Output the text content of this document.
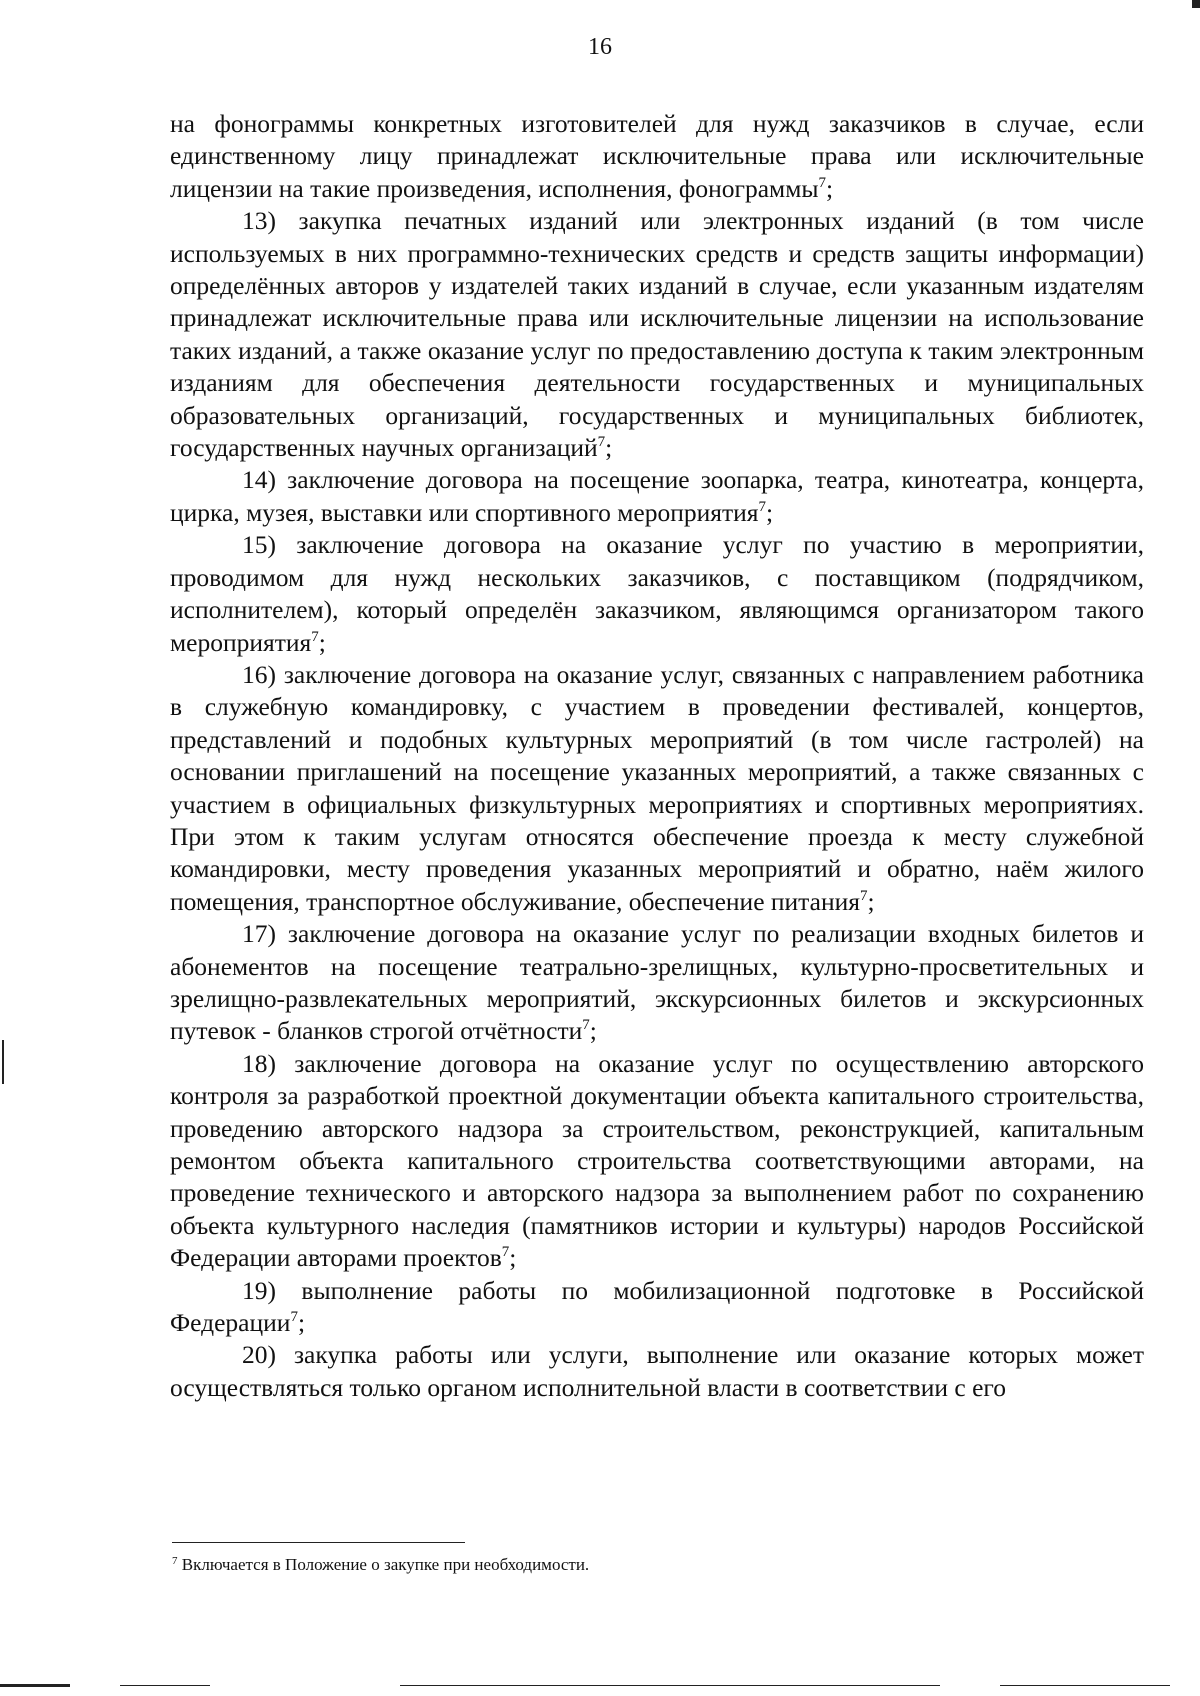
16

на фонограммы конкретных изготовителей для нужд заказчиков в случае, если единственному лицу принадлежат исключительные права или исключительные лицензии на такие произведения, исполнения, фонограммы$^7$;

13) закупка печатных изданий или электронных изданий (в том числе используемых в них программно-технических средств и средств защиты информации) определённых авторов у издателей таких изданий в случае, если указанным издателям принадлежат исключительные права или исключительные лицензии на использование таких изданий, а также оказание услуг по предоставлению доступа к таким электронным изданиям для обеспечения деятельности государственных и муниципальных образовательных организаций, государственных и муниципальных библиотек, государственных научных организаций$^7$;

14) заключение договора на посещение зоопарка, театра, кинотеатра, концерта, цирка, музея, выставки или спортивного мероприятия$^7$;

15) заключение договора на оказание услуг по участию в мероприятии, проводимом для нужд нескольких заказчиков, с поставщиком (подрядчиком, исполнителем), который определён заказчиком, являющимся организатором такого мероприятия$^7$;

16) заключение договора на оказание услуг, связанных с направлением работника в служебную командировку, с участием в проведении фестивалей, концертов, представлений и подобных культурных мероприятий (в том числе гастролей) на основании приглашений на посещение указанных мероприятий, а также связанных с участием в официальных физкультурных мероприятиях и спортивных мероприятиях. При этом к таким услугам относятся обеспечение проезда к месту служебной командировки, месту проведения указанных мероприятий и обратно, наём жилого помещения, транспортное обслуживание, обеспечение питания$^7$;

17) заключение договора на оказание услуг по реализации входных билетов и абонементов на посещение театрально-зрелищных, культурно-просветительных и зрелищно-развлекательных мероприятий, экскурсионных билетов и экскурсионных путевок - бланков строгой отчётности$^7$;

18) заключение договора на оказание услуг по осуществлению авторского контроля за разработкой проектной документации объекта капитального строительства, проведению авторского надзора за строительством, реконструкцией, капитальным ремонтом объекта капитального строительства соответствующими авторами, на проведение технического и авторского надзора за выполнением работ по сохранению объекта культурного наследия (памятников истории и культуры) народов Российской Федерации авторами проектов$^7$;

19) выполнение работы по мобилизационной подготовке в Российской Федерации$^7$;

20) закупка работы или услуги, выполнение или оказание которых может осуществляться только органом исполнительной власти в соответствии с его

$^7$ Включается в Положение о закупке при необходимости.
